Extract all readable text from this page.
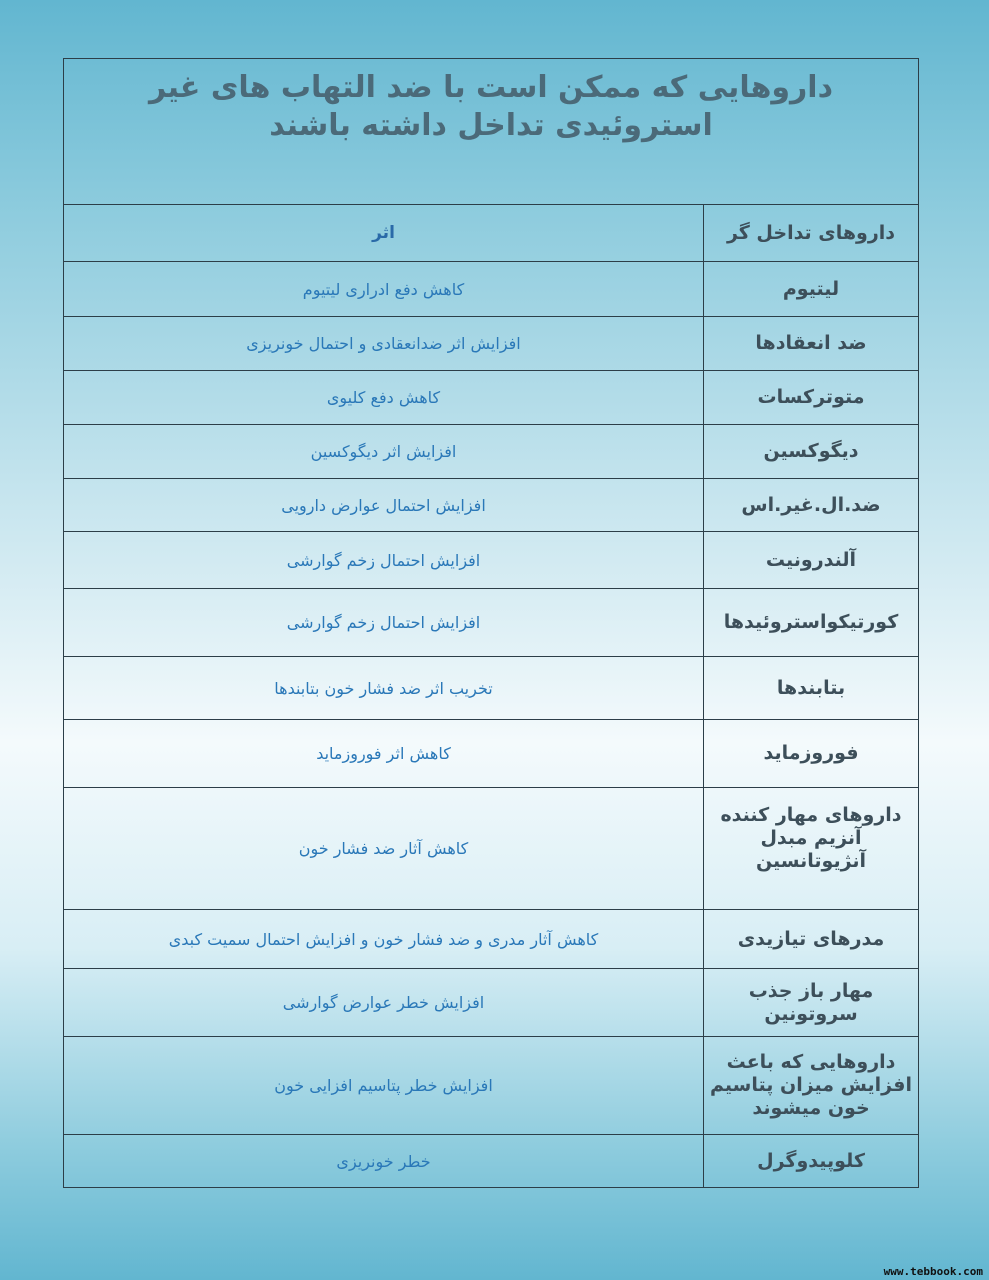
داروهایی که ممکن است با ضد التهاب های غیر استروئیدی تداخل داشته باشند
داروهای تداخل گر
اثر
لیتیوم
کاهش دفع ادراری لیتیوم
ضد انعقادها
افزایش اثر ضدانعقادی و احتمال خونریزی
متوترکسات
کاهش دفع کلیوی
دیگوکسین
افزایش اثر دیگوکسین
ضد.ال.غیر.اس
افزایش احتمال عوارض دارویی
آلندرونیت
افزایش احتمال زخم گوارشی
کورتیکواستروئیدها
افزایش احتمال زخم گوارشی
بتابندها
تخریب اثر ضد فشار خون بتابندها
فوروزماید
کاهش اثر فوروزماید
داروهای مهار کننده آنزیم مبدل آنژیوتانسین
کاهش آثار ضد فشار خون
مدرهای تیازیدی
کاهش آثار مدری و ضد فشار خون و افزایش احتمال سمیت کبدی
مهار باز جذب سروتونین
افزایش خطر عوارض گوارشی
داروهایی که باعث افزایش میزان پتاسیم خون میشوند
افزایش خطر پتاسیم افزایی خون
کلوپیدوگرل
خطر خونریزی
www.tebbook.com
